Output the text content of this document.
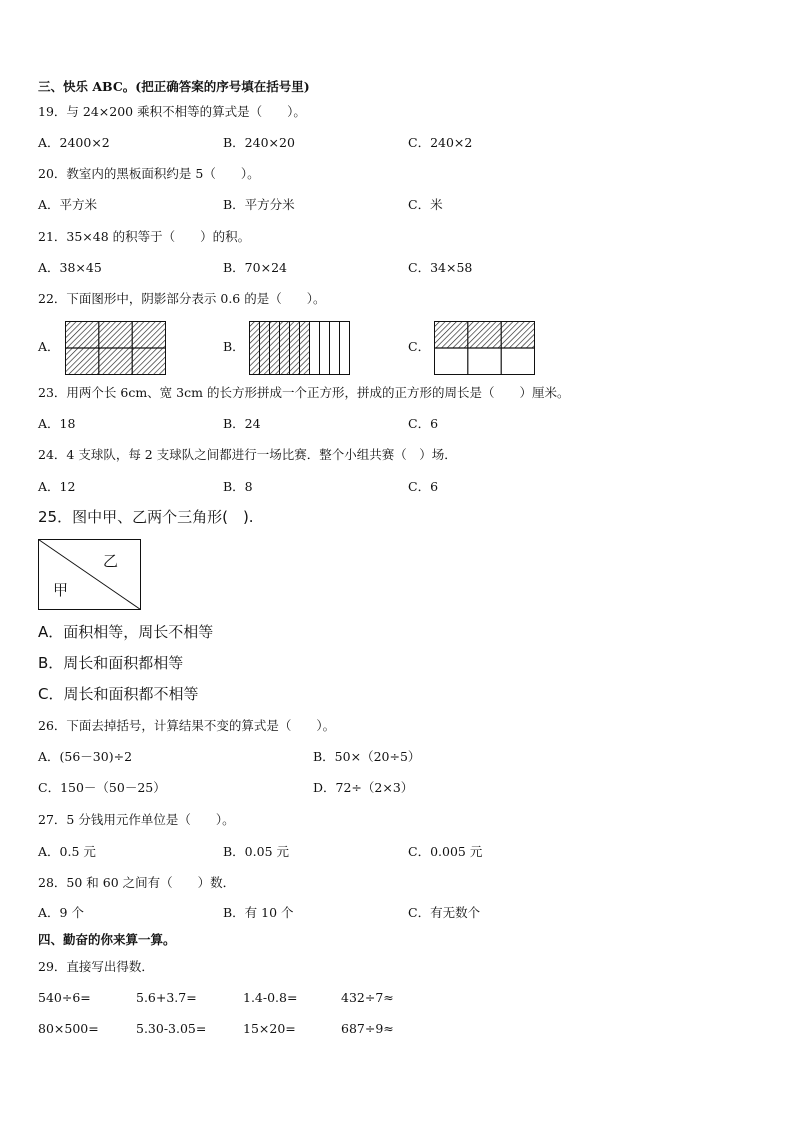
三、快乐 ABC。(把正确答案的序号填在括号里)
19．与 24×200 乘积不相等的算式是（　　）。
A．2400×2	B．240×20	C．240×2
20．教室内的黑板面积约是 5（　　）。
A．平方米	B．平方分米	C．米
21．35×48 的积等于（　　）的积。
A．38×45	B．70×24	C．34×58
22．下面图形中，阴影部分表示 0.6 的是（　　）。
A．	B．	C．
23．用两个长 6cm、宽 3cm 的长方形拼成一个正方形，拼成的正方形的周长是（　　）厘米。
A．18	B．24	C．6
24．4 支球队，每 2 支球队之间都进行一场比赛．整个小组共赛（　）场．
A．12	B．8	C．6
25．图中甲、乙两个三角形(　).
乙
甲
A．面积相等，周长不相等
B．周长和面积都相等
C．周长和面积都不相等
26．下面去掉括号，计算结果不变的算式是（　　）。
A．(56－30)÷2	B．50×（20÷5）
C．150－（50－25）	D．72÷（2×3）
27．5 分钱用元作单位是（　　）。
A．0.5 元	B．0.05 元	C．0.005 元
28．50 和 60 之间有（　　）数．
A．9 个	B．有 10 个	C．有无数个
四、勤奋的你来算一算。
29．直接写出得数．
540÷6=	5.6+3.7=	1.4-0.8=	432÷7≈
80×500=	5.30-3.05=	15×20=	687÷9≈
